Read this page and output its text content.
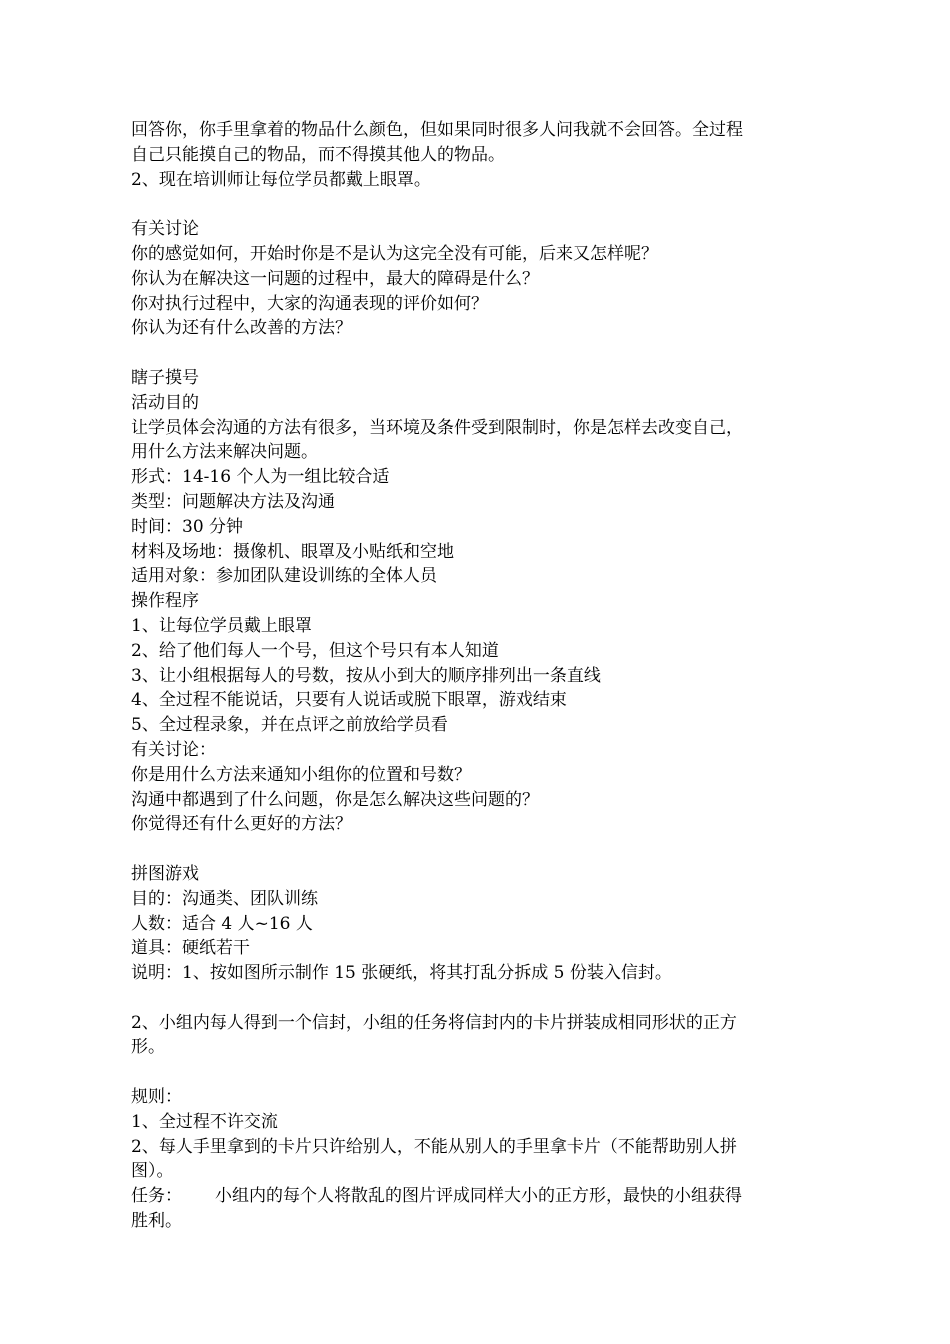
回答你，你手里拿着的物品什么颜色，但如果同时很多人问我就不会回答。全过程
自己只能摸自己的物品，而不得摸其他人的物品。
2、现在培训师让每位学员都戴上眼罩。
有关讨论
你的感觉如何，开始时你是不是认为这完全没有可能，后来又怎样呢？
你认为在解决这一问题的过程中，最大的障碍是什么？
你对执行过程中，大家的沟通表现的评价如何？
你认为还有什么改善的方法？
瞎子摸号
活动目的
让学员体会沟通的方法有很多，当环境及条件受到限制时，你是怎样去改变自己，
用什么方法来解决问题。
形式：14-16 个人为一组比较合适
类型：问题解决方法及沟通
时间：30 分钟
材料及场地：摄像机、眼罩及小贴纸和空地
适用对象：参加团队建设训练的全体人员
操作程序
1、让每位学员戴上眼罩
2、给了他们每人一个号，但这个号只有本人知道
3、让小组根据每人的号数，按从小到大的顺序排列出一条直线
4、全过程不能说话，只要有人说话或脱下眼罩，游戏结束
5、全过程录象，并在点评之前放给学员看
有关讨论：
你是用什么方法来通知小组你的位置和号数？
沟通中都遇到了什么问题，你是怎么解决这些问题的？
你觉得还有什么更好的方法？
拼图游戏
目的：沟通类、团队训练
人数：适合 4 人~16 人
道具：硬纸若干
说明：1、按如图所示制作 15 张硬纸，将其打乱分拆成 5 份装入信封。
2、小组内每人得到一个信封，小组的任务将信封内的卡片拼装成相同形状的正方
形。
规则：
1、全过程不许交流
2、每人手里拿到的卡片只许给别人，不能从别人的手里拿卡片（不能帮助别人拼
图）。
任务： 小组内的每个人将散乱的图片评成同样大小的正方形，最快的小组获得
胜利。
